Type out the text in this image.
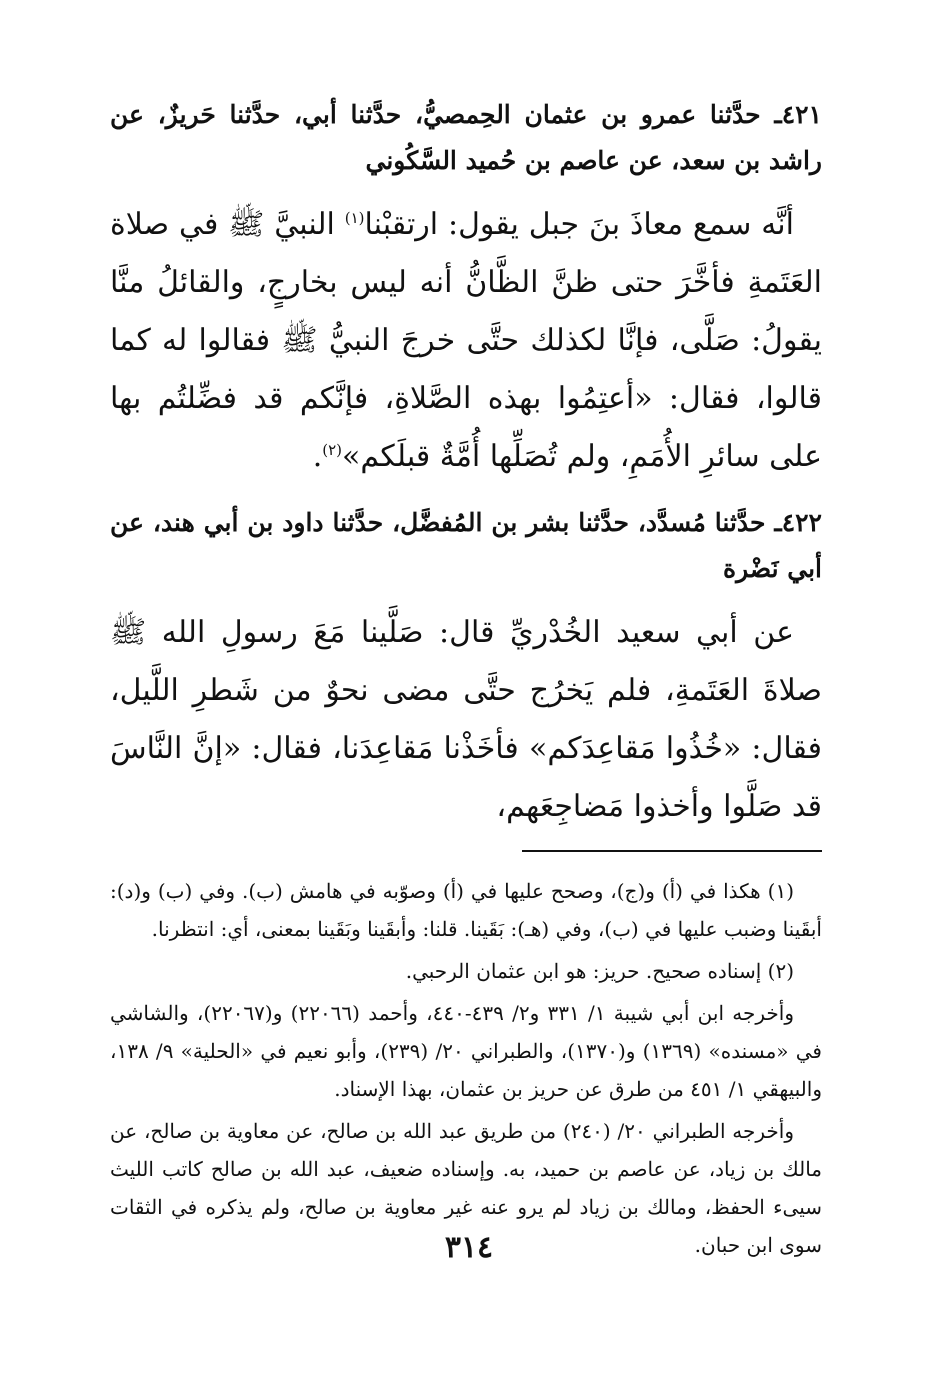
٤٢١ـ حدَّثنا عمرو بن عثمان الحِمصيُّ، حدَّثنا أبي، حدَّثنا حَريزٌ، عن راشد بن سعد، عن عاصم بن حُميد السَّكُوني

أنَّه سمع معاذَ بنَ جبل يقول: ارتقبْنا$^{(١)}$ النبيَّ ﷺ في صلاة العَتَمةِ فأخَّرَ حتى ظنَّ الظَّانُّ أنه ليس بخارجٍ، والقائلُ منَّا يقولُ: صَلَّى، فإنَّا لكذلك حتَّى خرجَ النبيُّ ﷺ فقالوا له كما قالوا، فقال: «أعتِمُوا بهذه الصَّلاةِ، فإنَّكم قد فضِّلتُم بها على سائرِ الأُمَمِ، ولم تُصَلِّها أُمَّةٌ قبلَكم»$^{(٢)}$.

٤٢٢ـ حدَّثنا مُسدَّد، حدَّثنا بشر بن المُفضَّل، حدَّثنا داود بن أبي هند، عن أبي نَضْرة

عن أبي سعيد الخُدْريِّ قال: صَلَّينا مَعَ رسولِ الله ﷺ صلاةَ العَتَمةِ، فلم يَخرُج حتَّى مضى نحوٌ من شَطرِ اللَّيل، فقال: «خُذُوا مَقاعِدَكم» فأخَذْنا مَقاعِدَنا، فقال: «إنَّ النَّاسَ قد صَلَّوا وأخذوا مَضاجِعَهم،

(١) هكذا في (أ) و(ج)، وصحح عليها في (أ) وصوّبه في هامش (ب). وفي (ب) و(د): أبقَينا وضبب عليها في (ب)، وفي (هـ): بَقَينا. قلنا: وأبقَينا وبَقَينا بمعنى، أي: انتظرنا.

(٢) إسناده صحيح. حريز: هو ابن عثمان الرحبي.

وأخرجه ابن أبي شيبة ١/ ٣٣١ و٢/ ٤٣٩-٤٤٠، وأحمد (٢٢٠٦٦) و(٢٢٠٦٧)، والشاشي في «مسنده» (١٣٦٩) و(١٣٧٠)، والطبراني ٢٠/ (٢٣٩)، وأبو نعيم في «الحلية» ٩/ ١٣٨، والبيهقي ١/ ٤٥١ من طرق عن حريز بن عثمان، بهذا الإسناد.

وأخرجه الطبراني ٢٠/ (٢٤٠) من طريق عبد الله بن صالح، عن معاوية بن صالح، عن مالك بن زياد، عن عاصم بن حميد، به. وإسناده ضعيف، عبد الله بن صالح كاتب الليث سيىء الحفظ، ومالك بن زياد لم يرو عنه غير معاوية بن صالح، ولم يذكره في الثقات سوى ابن حبان.

٣١٤
